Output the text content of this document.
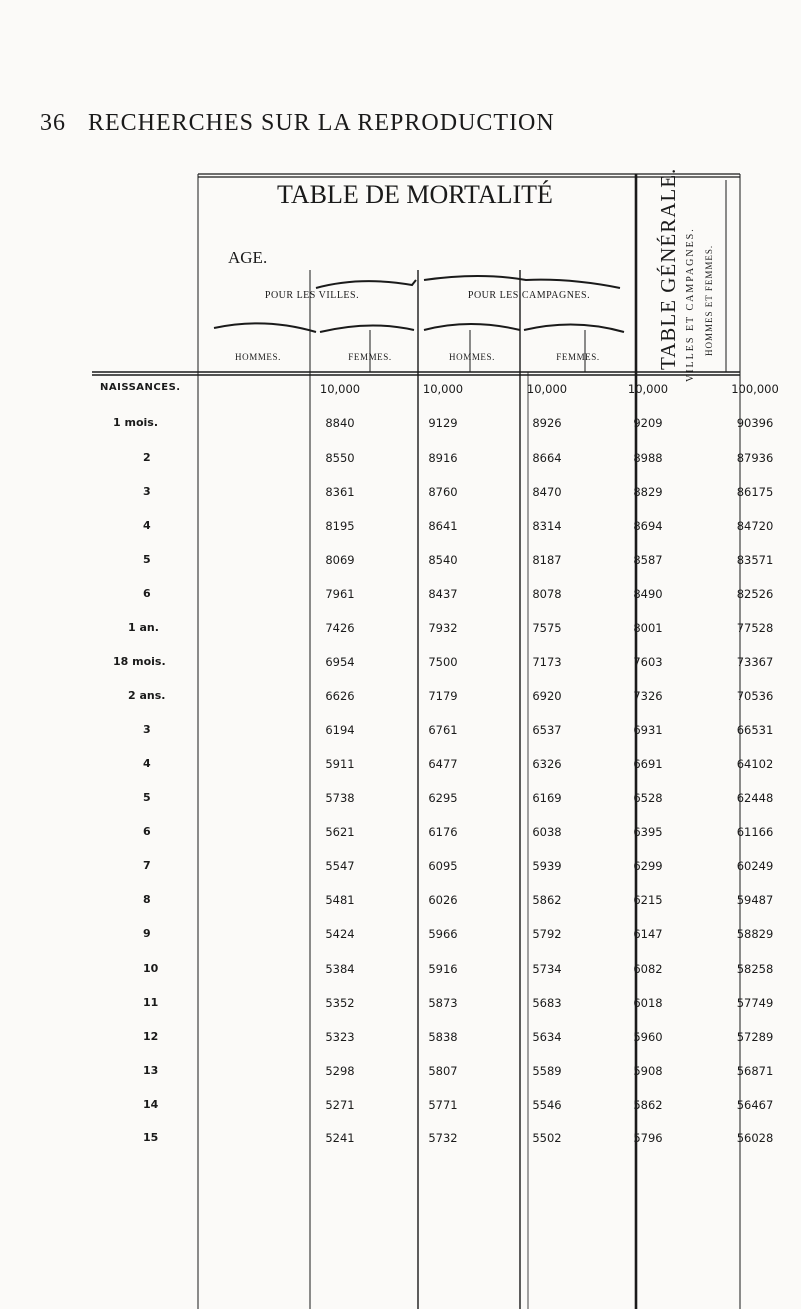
36 RECHERCHES SUR LA REPRODUCTION
TABLE DE MORTALITÉ
AGE.
POUR LES VILLES.	POUR LES CAMPAGNES.
HOMMES.	FEMMES.	HOMMES.	FEMMES.	TABLE GÉNÉRALE. VILLES ET CAMPAGNES. HOMMES ET FEMMES.
NAISSANCES.	10,000	10,000	10,000	10,000	100,000
1 mois.	8840	9129	8926	9209	90396
2	8550	8916	8664	8988	87936
3	8361	8760	8470	8829	86175
4	8195	8641	8314	8694	84720
5	8069	8540	8187	8587	83571
6	7961	8437	8078	8490	82526
1 an.	7426	7932	7575	8001	77528
18 mois.	6954	7500	7173	7603	73367
2 ans.	6626	7179	6920	7326	70536
3	6194	6761	6537	6931	66531
4	5911	6477	6326	6691	64102
5	5738	6295	6169	6528	62448
6	5621	6176	6038	6395	61166
7	5547	6095	5939	6299	60249
8	5481	6026	5862	6215	59487
9	5424	5966	5792	6147	58829
10	5384	5916	5734	6082	58258
11	5352	5873	5683	6018	57749
12	5323	5838	5634	5960	57289
13	5298	5807	5589	5908	56871
14	5271	5771	5546	5862	56467
15	5241	5732	5502	5796	56028
